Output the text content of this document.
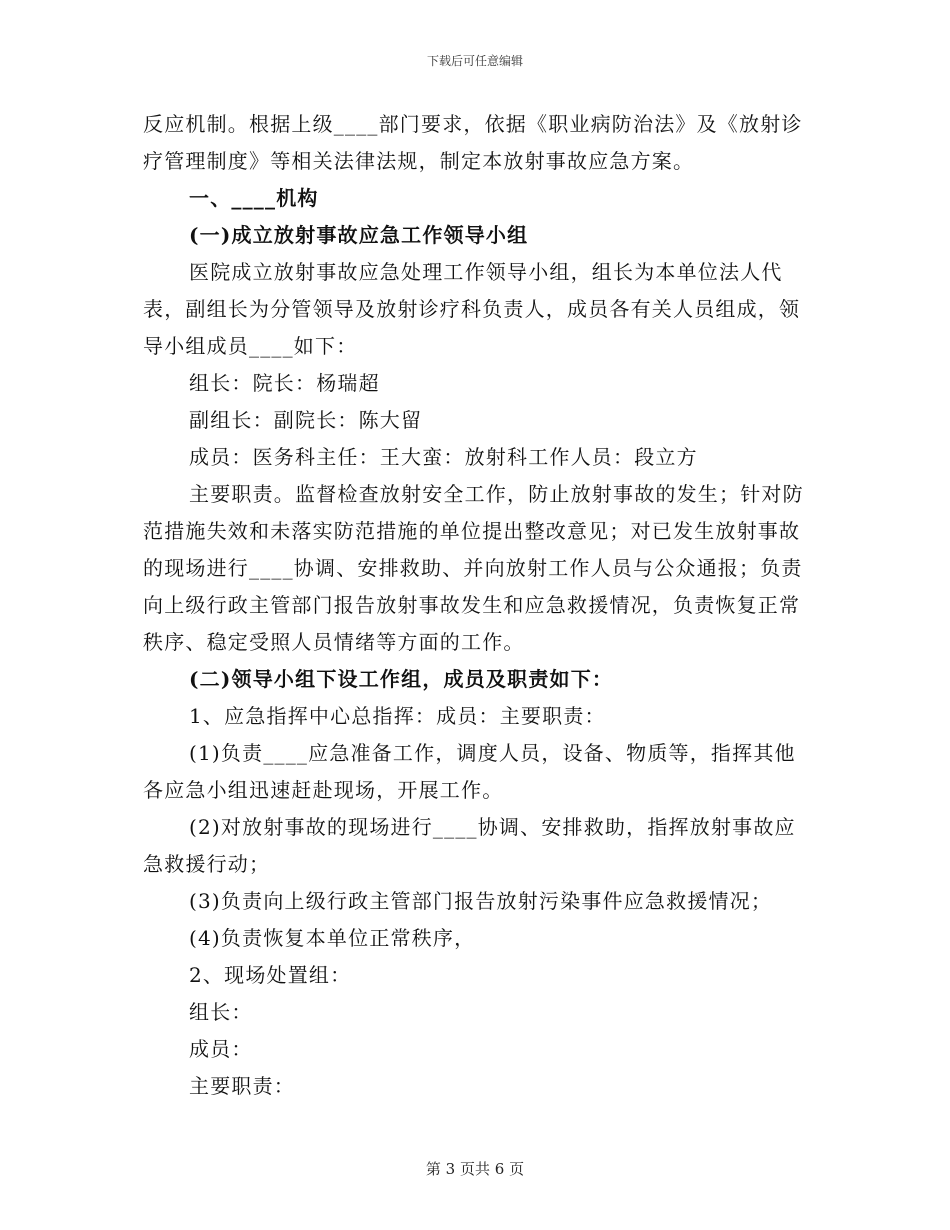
下载后可任意编辑

反应机制。根据上级____部门要求，依据《职业病防治法》及《放射诊疗管理制度》等相关法律法规，制定本放射事故应急方案。

一、____机构

(一)成立放射事故应急工作领导小组

医院成立放射事故应急处理工作领导小组，组长为本单位法人代表，副组长为分管领导及放射诊疗科负责人，成员各有关人员组成，领导小组成员____如下：

组长：院长：杨瑞超

副组长：副院长：陈大留

成员：医务科主任：王大蛮：放射科工作人员：段立方

主要职责。监督检查放射安全工作，防止放射事故的发生；针对防范措施失效和未落实防范措施的单位提出整改意见；对已发生放射事故的现场进行____协调、安排救助、并向放射工作人员与公众通报；负责向上级行政主管部门报告放射事故发生和应急救援情况，负责恢复正常秩序、稳定受照人员情绪等方面的工作。

(二)领导小组下设工作组，成员及职责如下：

1、应急指挥中心总指挥：成员：主要职责：

(1)负责____应急准备工作，调度人员，设备、物质等，指挥其他各应急小组迅速赶赴现场，开展工作。

(2)对放射事故的现场进行____协调、安排救助，指挥放射事故应急救援行动；

(3)负责向上级行政主管部门报告放射污染事件应急救援情况；

(4)负责恢复本单位正常秩序，

2、现场处置组：

组长：

成员：

主要职责：

第 3 页共 6 页
